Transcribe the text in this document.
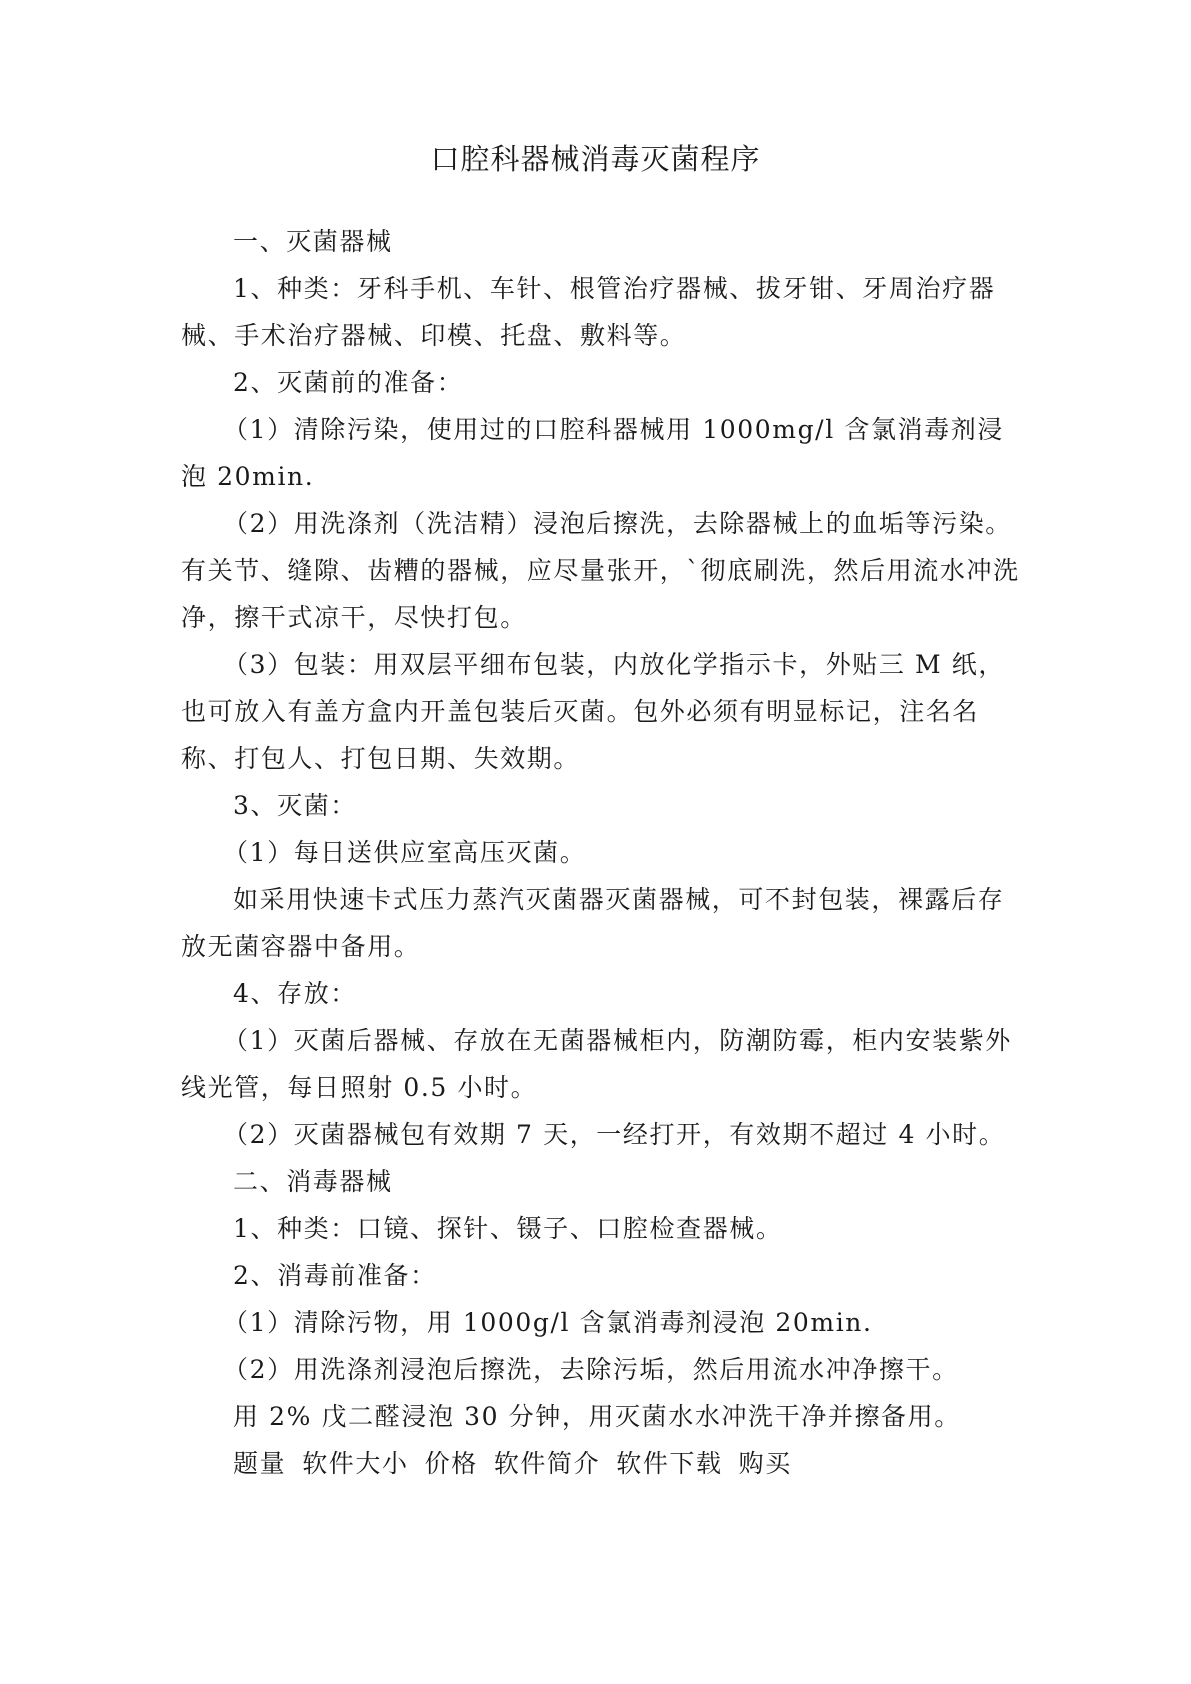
口腔科器械消毒灭菌程序

一、灭菌器械

1、种类：牙科手机、车针、根管治疗器械、拔牙钳、牙周治疗器械、手术治疗器械、印模、托盘、敷料等。

2、灭菌前的准备：

（1）清除污染，使用过的口腔科器械用 1000mg/l 含氯消毒剂浸泡 20min.

（2）用洗涤剂（洗洁精）浸泡后擦洗，去除器械上的血垢等污染。有关节、缝隙、齿糟的器械，应尽量张开，`彻底刷洗，然后用流水冲洗净，擦干式凉干，尽快打包。

（3）包装：用双层平细布包装，内放化学指示卡，外贴三 M 纸，也可放入有盖方盒内开盖包装后灭菌。包外必须有明显标记，注名名称、打包人、打包日期、失效期。

3、灭菌：

（1）每日送供应室高压灭菌。

如采用快速卡式压力蒸汽灭菌器灭菌器械，可不封包装，裸露后存放无菌容器中备用。

4、存放：

（1）灭菌后器械、存放在无菌器械柜内，防潮防霉，柜内安装紫外线光管，每日照射 0.5 小时。

（2）灭菌器械包有效期 7 天，一经打开，有效期不超过 4 小时。

二、消毒器械

1、种类：口镜、探针、镊子、口腔检查器械。

2、消毒前准备：

（1）清除污物，用 1000g/l 含氯消毒剂浸泡 20min.

（2）用洗涤剂浸泡后擦洗，去除污垢，然后用流水冲净擦干。

用 2% 戊二醛浸泡 30 分钟，用灭菌水水冲洗干净并擦备用。

题量 软件大小 价格 软件简介 软件下载 购买
